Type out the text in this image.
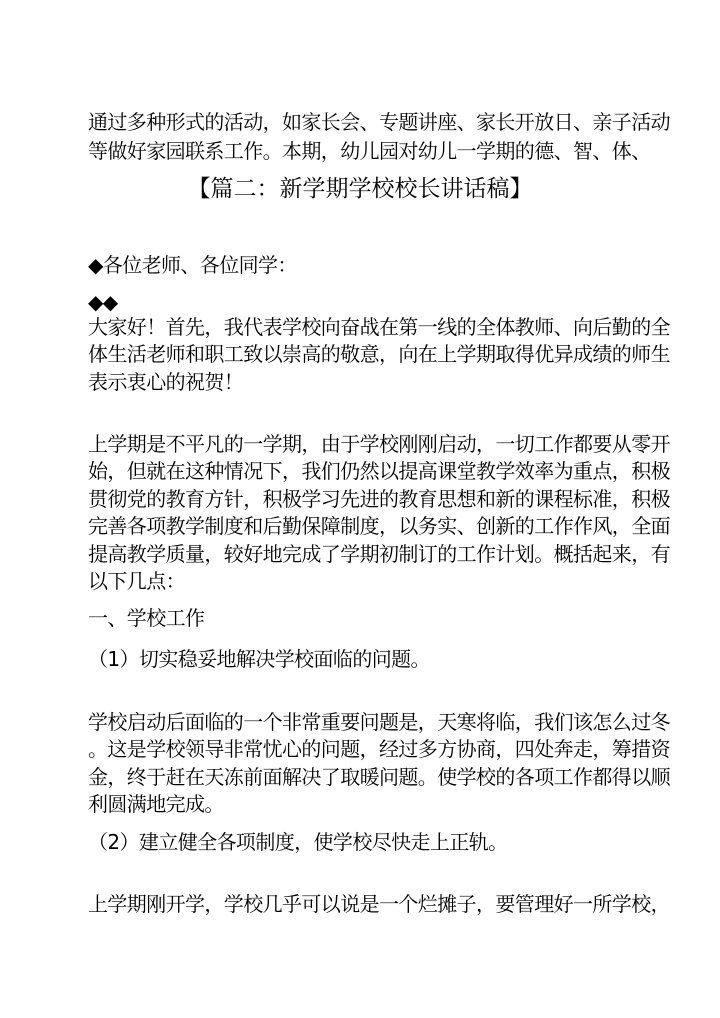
通过多种形式的活动，如家长会、专题讲座、家长开放日、亲子活动
等做好家园联系工作。本期，幼儿园对幼儿一学期的德、智、体、
【篇二：新学期学校校长讲话稿】
◆各位老师、各位同学：
◆◆
大家好！首先，我代表学校向奋战在第一线的全体教师、向后勤的全
体生活老师和职工致以崇高的敬意，向在上学期取得优异成绩的师生
表示衷心的祝贺！
上学期是不平凡的一学期，由于学校刚刚启动，一切工作都要从零开
始，但就在这种情况下，我们仍然以提高课堂教学效率为重点，积极
贯彻党的教育方针，积极学习先进的教育思想和新的课程标准，积极
完善各项教学制度和后勤保障制度，以务实、创新的工作作风，全面
提高教学质量，较好地完成了学期初制订的工作计划。概括起来，有
以下几点：
一、学校工作
（1）切实稳妥地解决学校面临的问题。
学校启动后面临的一个非常重要问题是，天寒将临，我们该怎么过冬
。这是学校领导非常忧心的问题，经过多方协商，四处奔走，筹措资
金，终于赶在天冻前面解决了取暖问题。使学校的各项工作都得以顺
利圆满地完成。
（2）建立健全各项制度，使学校尽快走上正轨。
上学期刚开学，学校几乎可以说是一个烂摊子，要管理好一所学校，
